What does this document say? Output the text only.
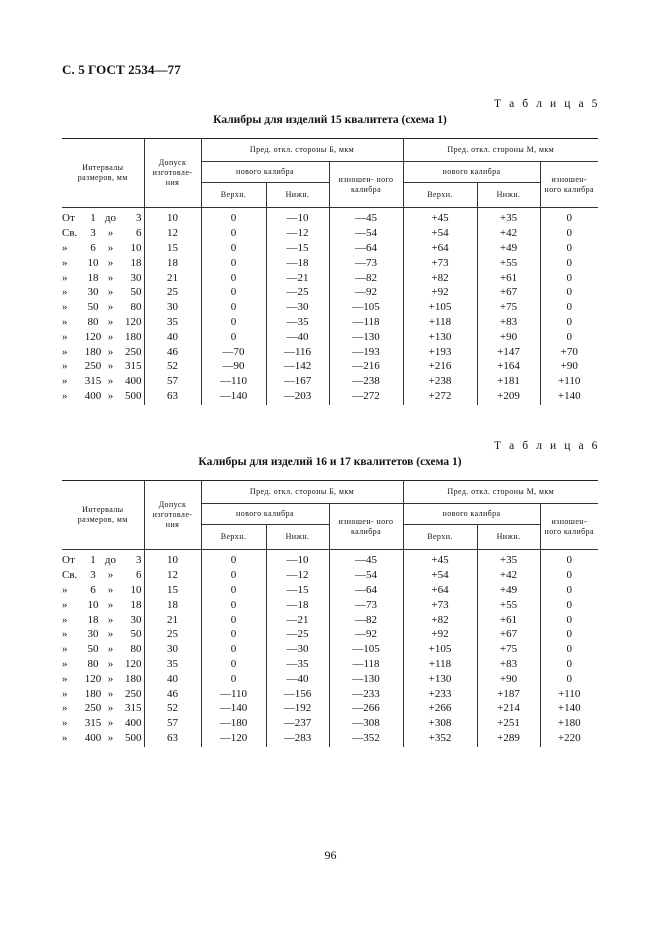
С. 5 ГОСТ 2534—77
Т а б л и ц а 5
Калибры для изделий 15 квалитета (схема 1)
Интервалы размеров, мм	Допуск изготовле- ния	Пред. откл. стороны Б, мкм			Пред. откл. стороны М, мкм		
		нового калибра		изношен- ного калибра	нового калибра		изношен- ного калибра
		Верхн.	Нижн.		Верхн.	Нижн.	

От 1 до 3	10	0	—10	—45	+45	+35	0

Св. 3 » 6	12	0	—12	—54	+54	+42	0

» 6 » 10	15	0	—15	—64	+64	+49	0

» 10 » 18	18	0	—18	—73	+73	+55	0

» 18 » 30	21	0	—21	—82	+82	+61	0

» 30 » 50	25	0	—25	—92	+92	+67	0

» 50 » 80	30	0	—30	—105	+105	+75	0

» 80 » 120	35	0	—35	—118	+118	+83	0

» 120 » 180	40	0	—40	—130	+130	+90	0

» 180 » 250	46	—70	—116	—193	+193	+147	+70

» 250 » 315	52	—90	—142	—216	+216	+164	+90

» 315 » 400	57	—110	—167	—238	+238	+181	+110

» 400 » 500	63	—140	—203	—272	+272	+209	+140
Т а б л и ц а 6
Калибры для изделий 16 и 17 квалитетов (схема 1)
Интервалы размеров, мм	Допуск изготовле- ния	Пред. откл. стороны Б, мкм			Пред. откл. стороны М, мкм		
		нового калибра		изношен- ного калибра	нового калибра		изношен- ного калибра
		Верхн.	Нижн.		Верхн.	Нижн.	

От 1 до 3	10	0	—10	—45	+45	+35	0

Св. 3 » 6	12	0	—12	—54	+54	+42	0

» 6 » 10	15	0	—15	—64	+64	+49	0

» 10 » 18	18	0	—18	—73	+73	+55	0

» 18 » 30	21	0	—21	—82	+82	+61	0

» 30 » 50	25	0	—25	—92	+92	+67	0

» 50 » 80	30	0	—30	—105	+105	+75	0

» 80 » 120	35	0	—35	—118	+118	+83	0

» 120 » 180	40	0	—40	—130	+130	+90	0

» 180 » 250	46	—110	—156	—233	+233	+187	+110

» 250 » 315	52	—140	—192	—266	+266	+214	+140

» 315 » 400	57	—180	—237	—308	+308	+251	+180

» 400 » 500	63	—120	—283	—352	+352	+289	+220
96
